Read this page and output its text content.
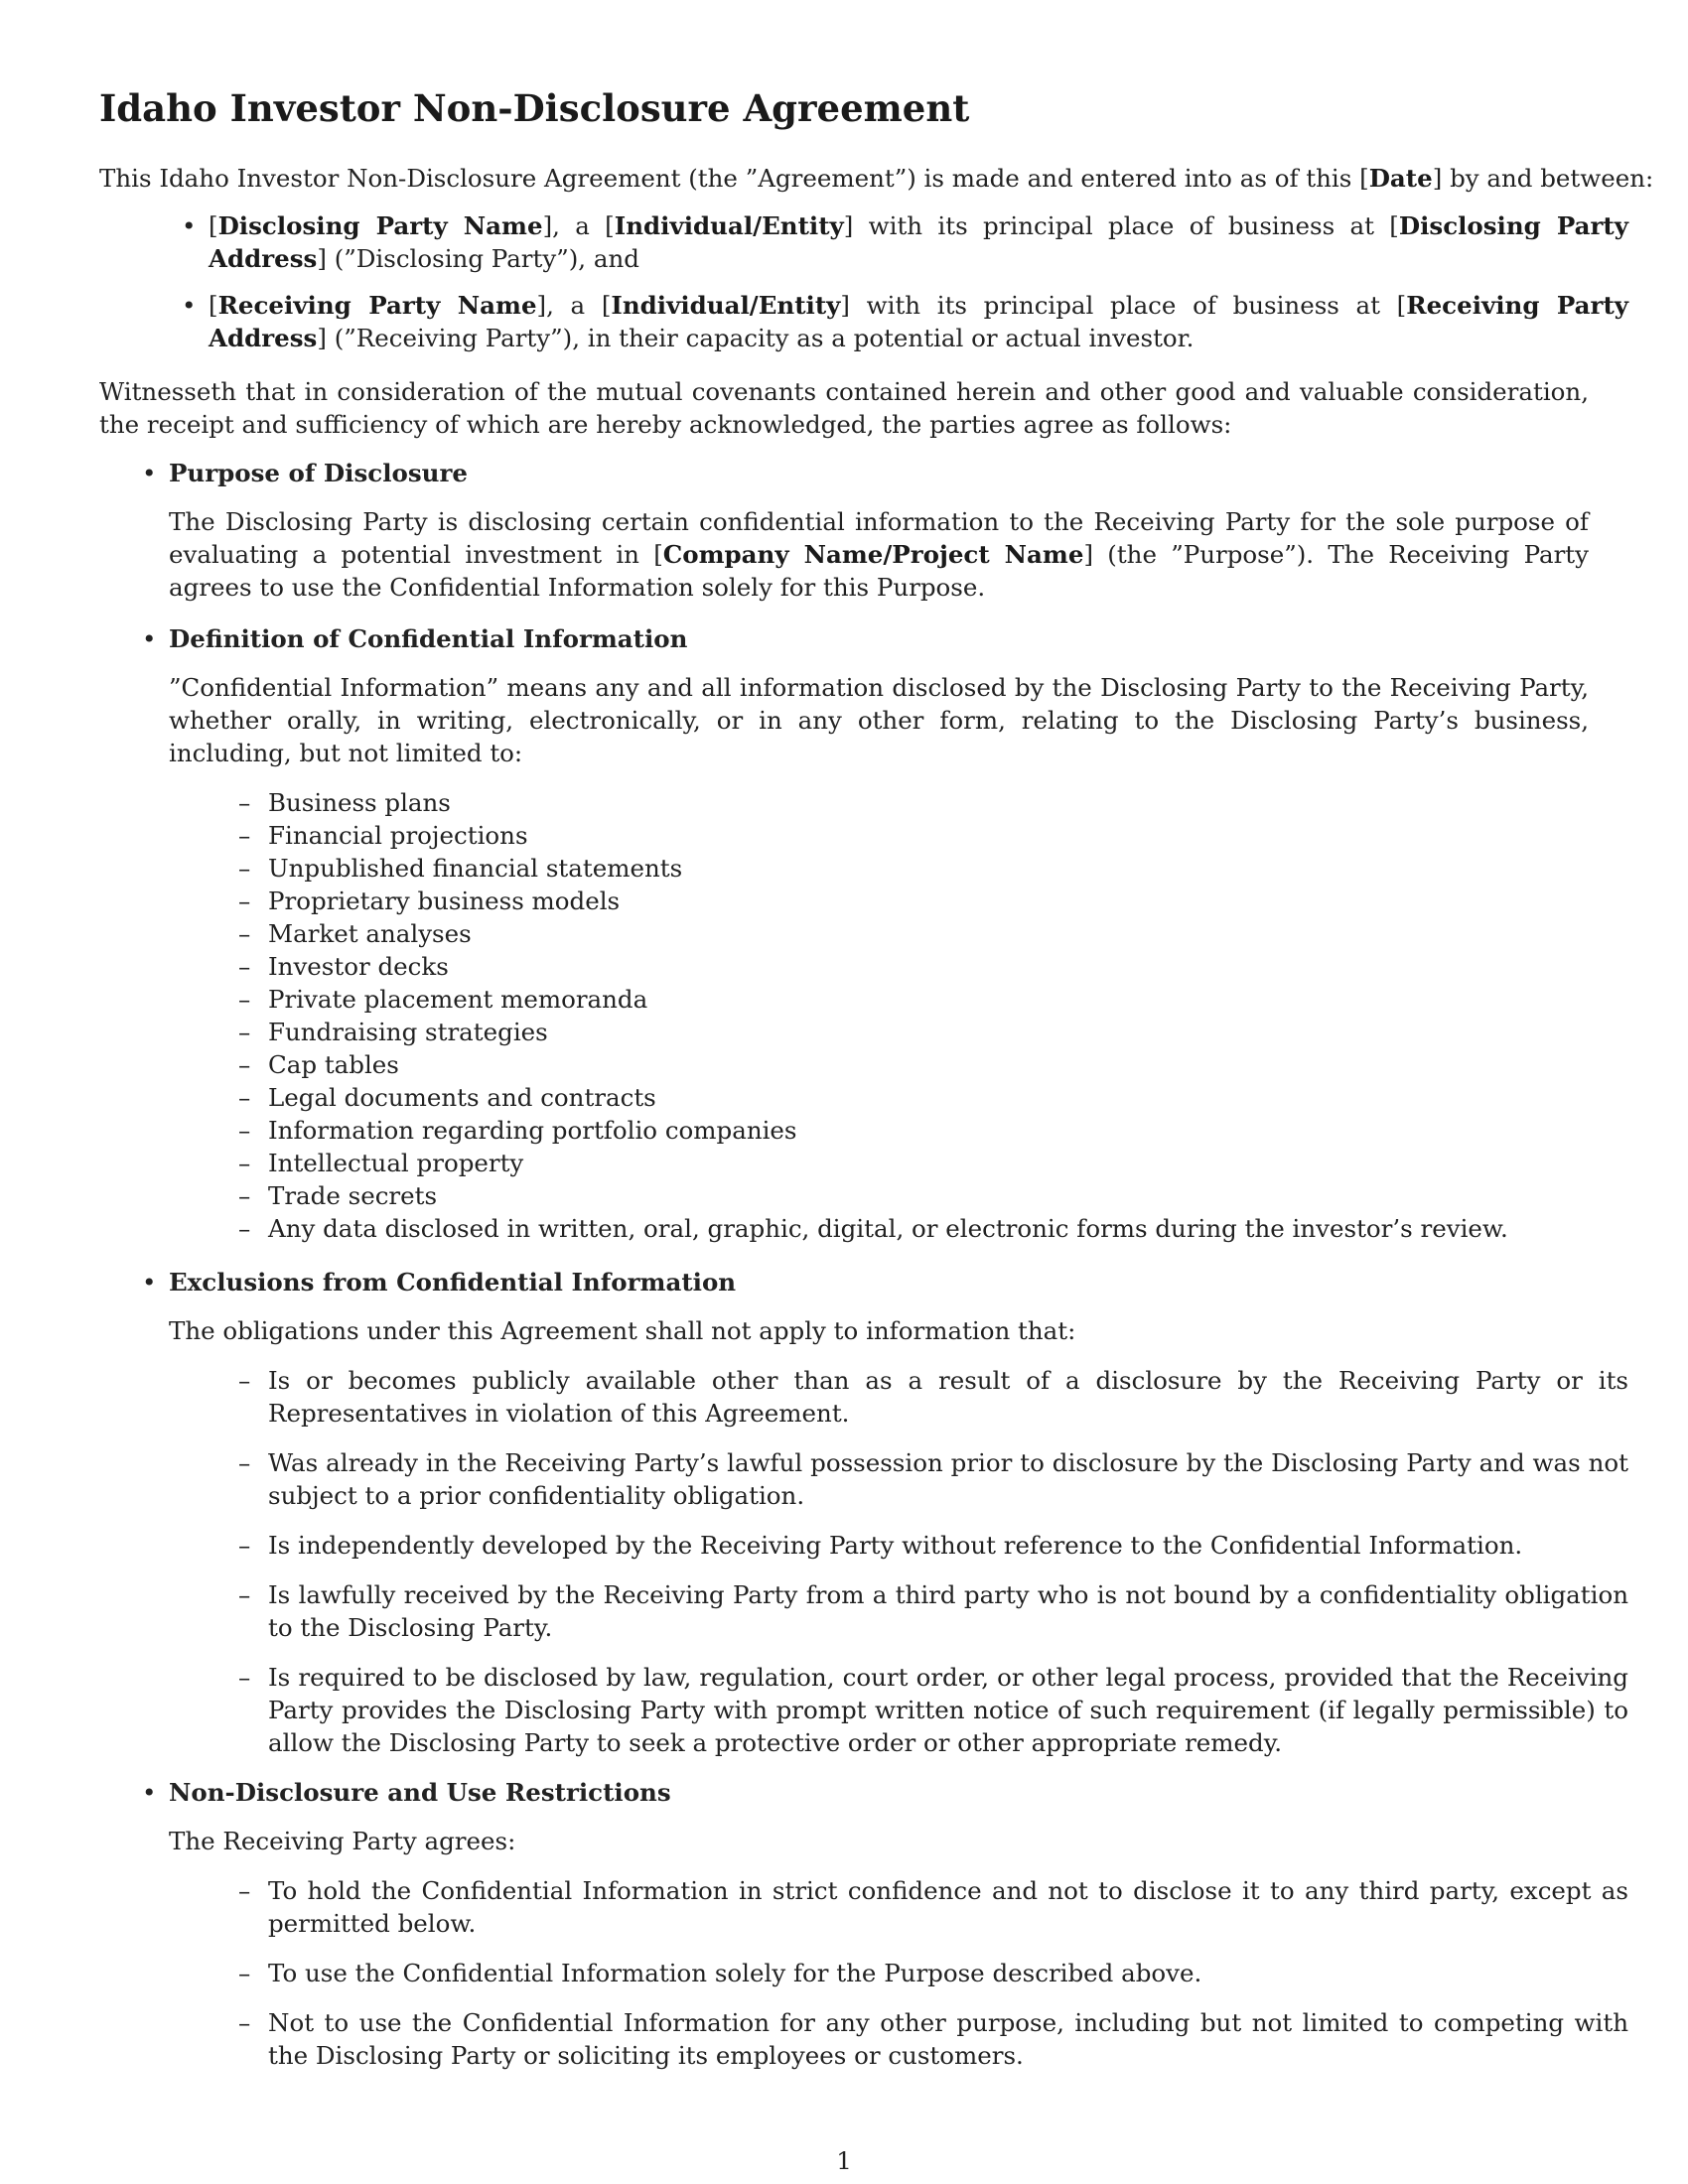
Idaho Investor Non-Disclosure Agreement

This Idaho Investor Non-Disclosure Agreement (the ”Agreement”) is made and entered into as of this [Date] by and between:

• [Disclosing Party Name], a [Individual/Entity] with its principal place of business at [Disclosing Party Address] (”Disclosing Party”), and
• [Receiving Party Name], a [Individual/Entity] with its principal place of business at [Receiving Party Address] (”Receiving Party”), in their capacity as a potential or actual investor.

Witnesseth that in consideration of the mutual covenants contained herein and other good and valuable consideration, the receipt and sufficiency of which are hereby acknowledged, the parties agree as follows:

• Purpose of Disclosure

The Disclosing Party is disclosing certain confidential information to the Receiving Party for the sole purpose of evaluating a potential investment in [Company Name/Project Name] (the ”Purpose”). The Receiving Party agrees to use the Confidential Information solely for this Purpose.

• Definition of Confidential Information

”Confidential Information” means any and all information disclosed by the Disclosing Party to the Receiving Party, whether orally, in writing, electronically, or in any other form, relating to the Disclosing Party’s business, including, but not limited to:

– Business plans
– Financial projections
– Unpublished financial statements
– Proprietary business models
– Market analyses
– Investor decks
– Private placement memoranda
– Fundraising strategies
– Cap tables
– Legal documents and contracts
– Information regarding portfolio companies
– Intellectual property
– Trade secrets
– Any data disclosed in written, oral, graphic, digital, or electronic forms during the investor’s review.
• Exclusions from Confidential Information

The obligations under this Agreement shall not apply to information that:

– Is or becomes publicly available other than as a result of a disclosure by the Receiving Party or its Representatives in violation of this Agreement.
– Was already in the Receiving Party’s lawful possession prior to disclosure by the Disclosing Party and was not subject to a prior confidentiality obligation.
– Is independently developed by the Receiving Party without reference to the Confidential Information.
– Is lawfully received by the Receiving Party from a third party who is not bound by a confidentiality obligation to the Disclosing Party.
– Is required to be disclosed by law, regulation, court order, or other legal process, provided that the Receiving Party provides the Disclosing Party with prompt written notice of such requirement (if legally permissible) to allow the Disclosing Party to seek a protective order or other appropriate remedy.
• Non-Disclosure and Use Restrictions

The Receiving Party agrees:

– To hold the Confidential Information in strict confidence and not to disclose it to any third party, except as permitted below.
– To use the Confidential Information solely for the Purpose described above.
– Not to use the Confidential Information for any other purpose, including but not limited to competing with the Disclosing Party or soliciting its employees or customers.
1
